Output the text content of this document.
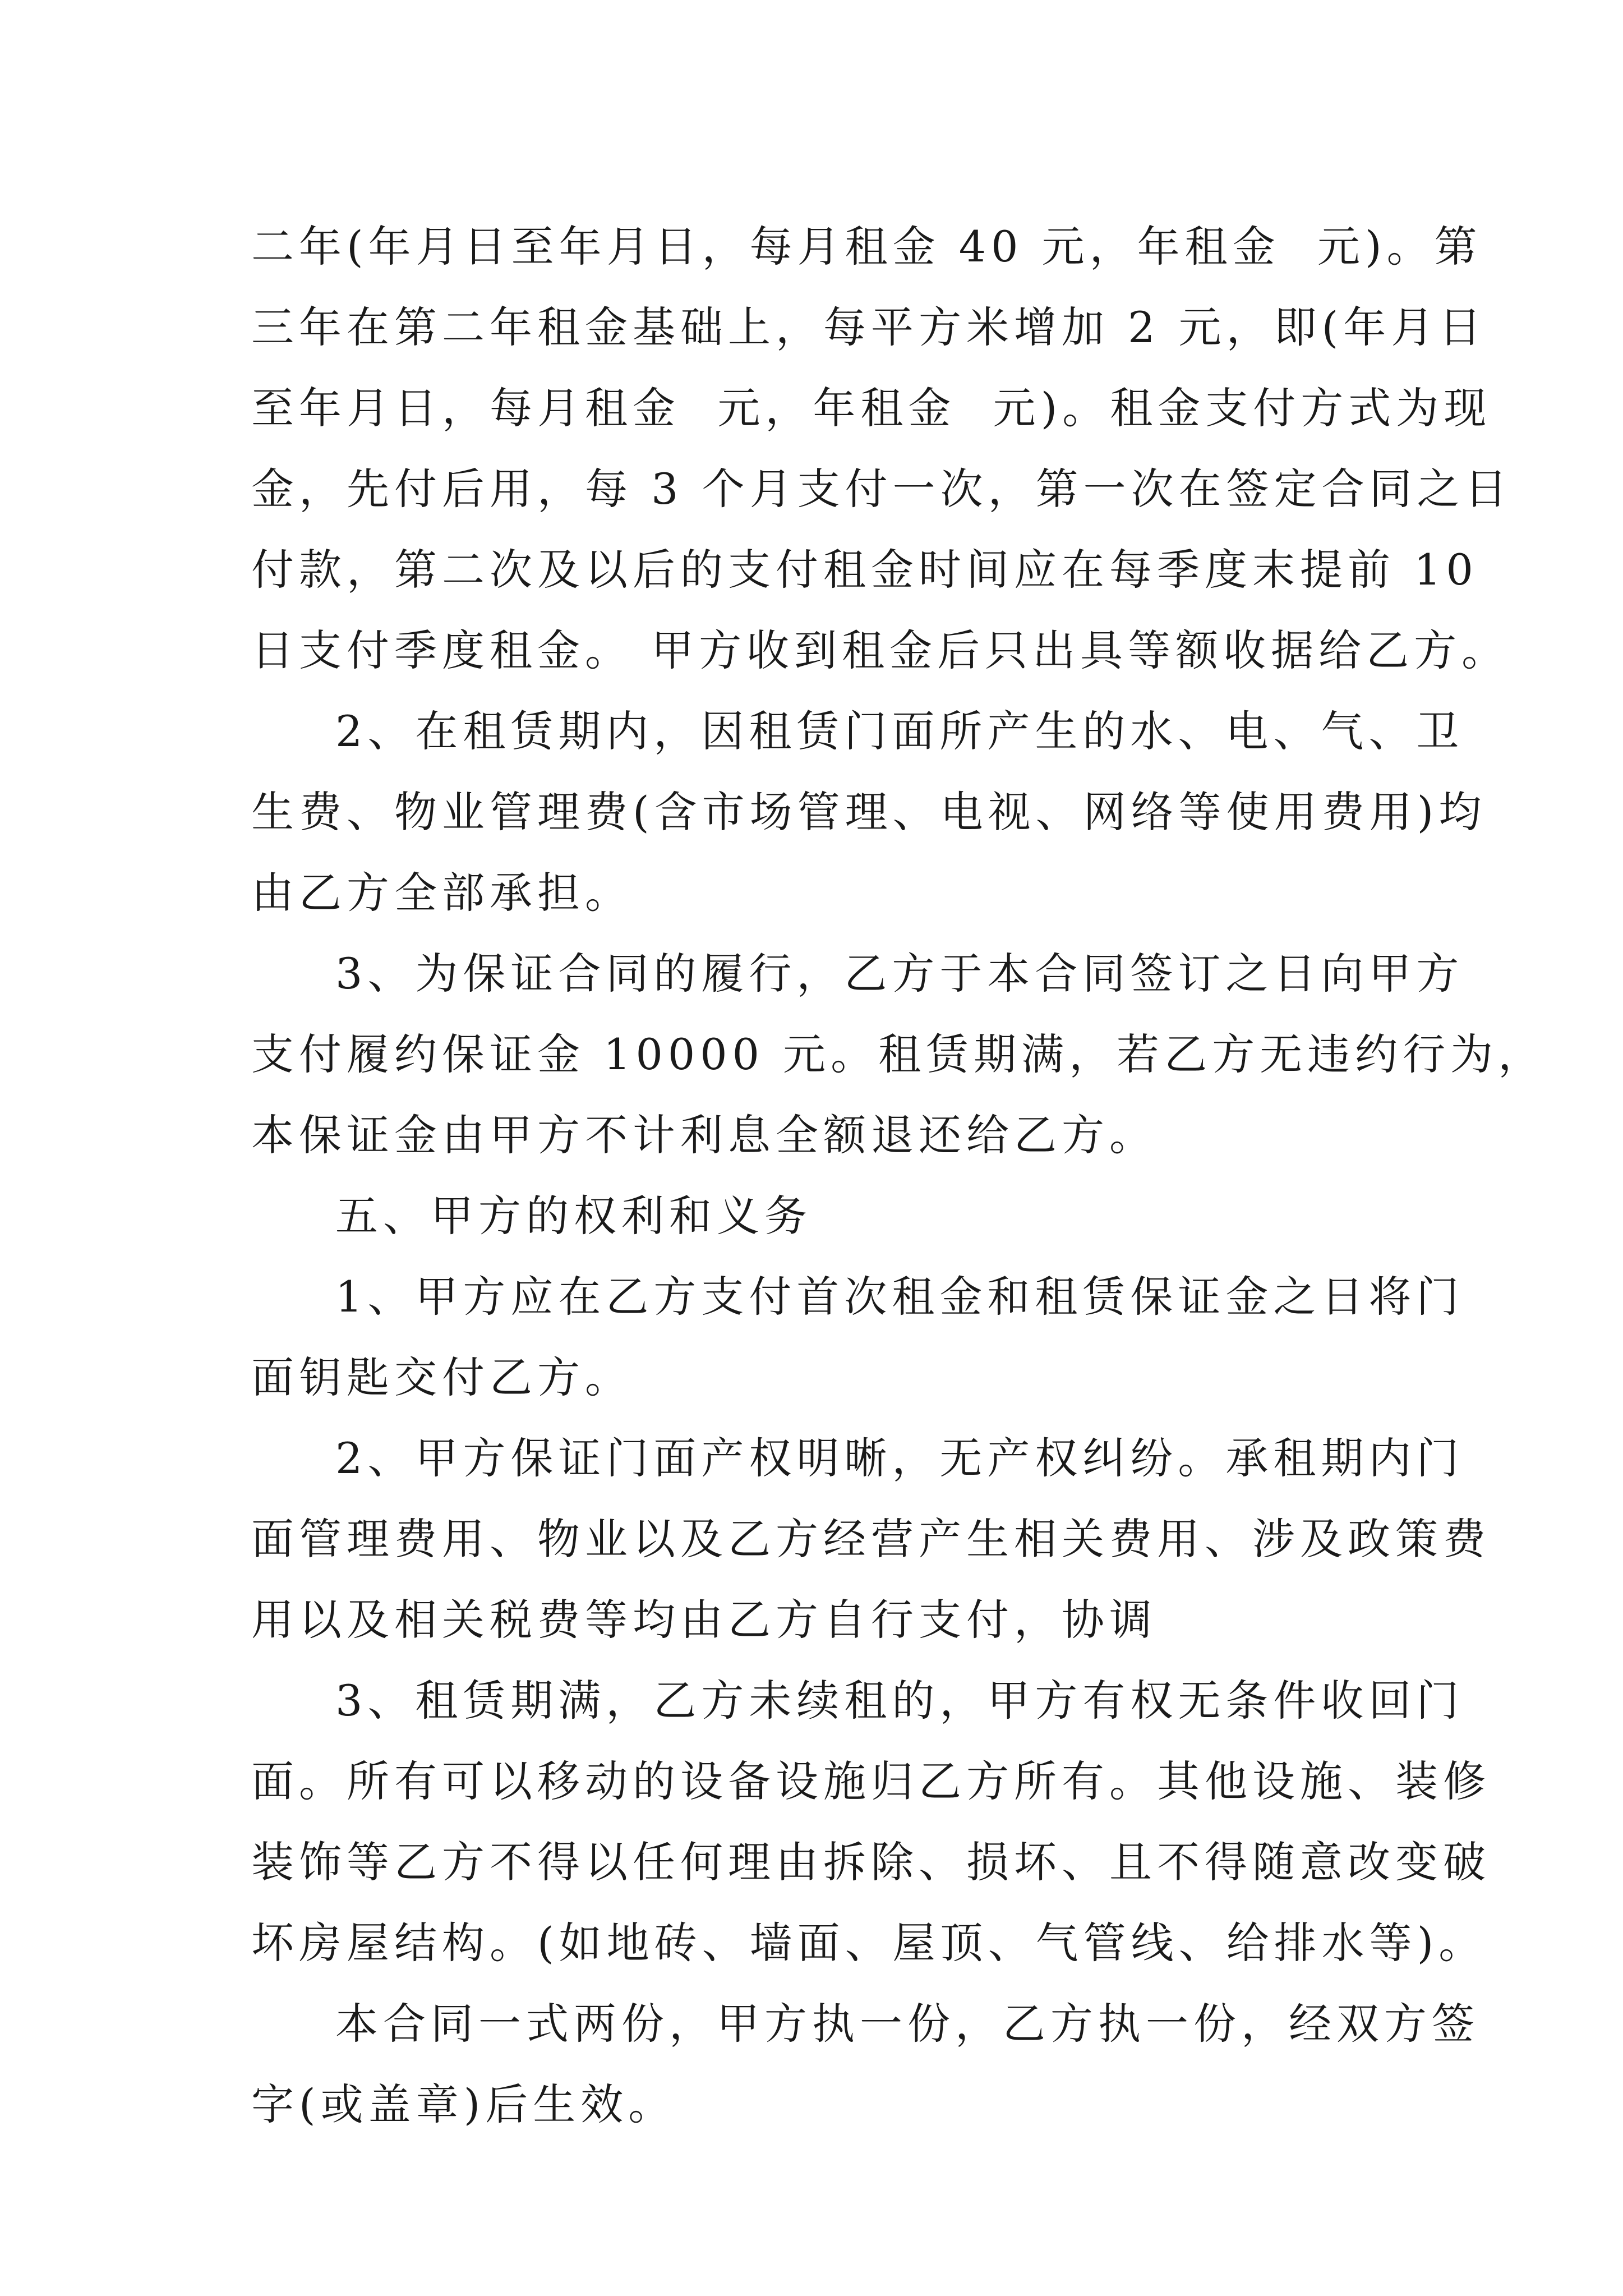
二年(年月日至年月日，每月租金 40 元，年租金  元)。第
三年在第二年租金基础上，每平方米增加 2 元，即(年月日
至年月日，每月租金  元，年租金  元)。租金支付方式为现
金，先付后用，每 3 个月支付一次，第一次在签定合同之日
付款，第二次及以后的支付租金时间应在每季度末提前 10
日支付季度租金。 甲方收到租金后只出具等额收据给乙方。
2、在租赁期内，因租赁门面所产生的水、电、气、卫
生费、物业管理费(含市场管理、电视、网络等使用费用)均
由乙方全部承担。
3、为保证合同的履行，乙方于本合同签订之日向甲方
支付履约保证金 10000 元。租赁期满，若乙方无违约行为，
本保证金由甲方不计利息全额退还给乙方。
五、甲方的权利和义务
1、甲方应在乙方支付首次租金和租赁保证金之日将门
面钥匙交付乙方。
2、甲方保证门面产权明晰，无产权纠纷。承租期内门
面管理费用、物业以及乙方经营产生相关费用、涉及政策费
用以及相关税费等均由乙方自行支付，协调
3、租赁期满，乙方未续租的，甲方有权无条件收回门
面。所有可以移动的设备设施归乙方所有。其他设施、装修
装饰等乙方不得以任何理由拆除、损坏、且不得随意改变破
坏房屋结构。(如地砖、墙面、屋顶、气管线、给排水等)。
本合同一式两份，甲方执一份，乙方执一份，经双方签
字(或盖章)后生效。
